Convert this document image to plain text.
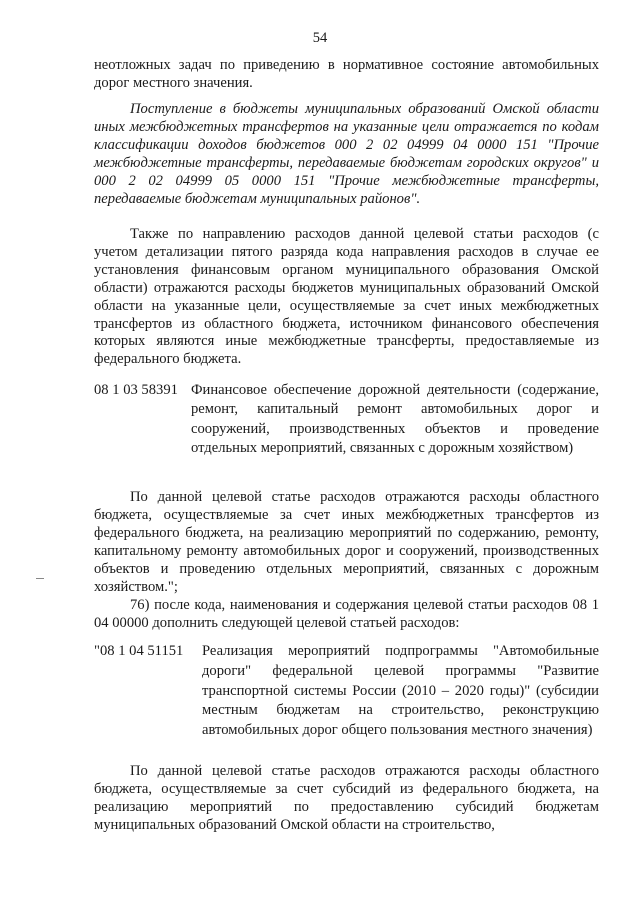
54

неотложных задач по приведению в нормативное состояние автомобильных дорог местного значения.

Поступление в бюджеты муниципальных образований Омской области иных межбюджетных трансфертов на указанные цели отражается по кодам классификации доходов бюджетов 000 2 02 04999 04 0000 151 "Прочие межбюджетные трансферты, передаваемые бюджетам городских округов" и 000 2 02 04999 05 0000 151 "Прочие межбюджетные трансферты, передаваемые бюджетам муниципальных районов".

Также по направлению расходов данной целевой статьи расходов (с учетом детализации пятого разряда кода направления расходов в случае ее установления финансовым органом муниципального образования Омской области) отражаются расходы бюджетов муниципальных образований Омской области на указанные цели, осуществляемые за счет иных межбюджетных трансфертов из областного бюджета, источником финансового обеспечения которых являются иные межбюджетные трансферты, предоставляемые из федерального бюджета.

08 1 03 58391 Финансовое обеспечение дорожной деятельности (содержание, ремонт, капитальный ремонт автомобильных дорог и сооружений, производственных объектов и проведение отдельных мероприятий, связанных с дорожным хозяйством)

По данной целевой статье расходов отражаются расходы областного бюджета, осуществляемые за счет иных межбюджетных трансфертов из федерального бюджета, на реализацию мероприятий по содержанию, ремонту, капитальному ремонту автомобильных дорог и сооружений, производственных объектов и проведению отдельных мероприятий, связанных с дорожным хозяйством.";

76) после кода, наименования и содержания целевой статьи расходов 08 1 04 00000 дополнить следующей целевой статьей расходов:

"08 1 04 51151 Реализация мероприятий подпрограммы "Автомобильные дороги" федеральной целевой программы "Развитие транспортной системы России (2010 – 2020 годы)" (субсидии местным бюджетам на строительство, реконструкцию автомобильных дорог общего пользования местного значения)

По данной целевой статье расходов отражаются расходы областного бюджета, осуществляемые за счет субсидий из федерального бюджета, на реализацию мероприятий по предоставлению субсидий бюджетам муниципальных образований Омской области на строительство,
